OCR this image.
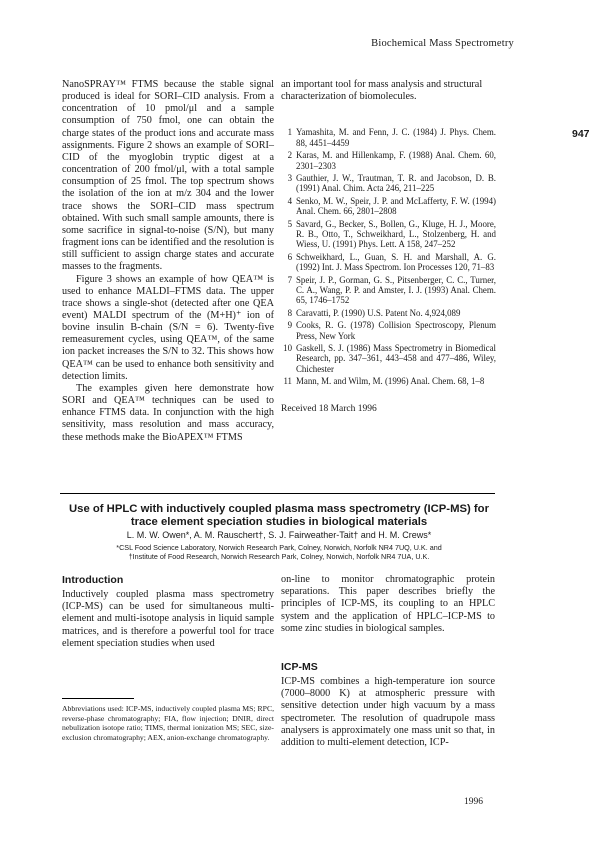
Biochemical Mass Spectrometry
947

NanoSPRAY™ FTMS because the stable signal produced is ideal for SORI–CID analysis. From a concentration of 10 pmol/μl and a sample consumption of 750 fmol, one can obtain the charge states of the product ions and accurate mass assignments. Figure 2 shows an example of SORI–CID of the myoglobin tryptic digest at a concentration of 200 fmol/μl, with a total sample consumption of 25 fmol. The top spectrum shows the isolation of the ion at m/z 304 and the lower trace shows the SORI–CID mass spectrum obtained. With such small sample amounts, there is some sacrifice in signal-to-noise (S/N), but many fragment ions can be identified and the resolution is still sufficient to assign charge states and accurate masses to the fragments.

Figure 3 shows an example of how QEA™ is used to enhance MALDI–FTMS data. The upper trace shows a single-shot (detected after one QEA event) MALDI spectrum of the (M+H)⁺ ion of bovine insulin B-chain (S/N = 6). Twenty-five remeasurement cycles, using QEA™, of the same ion packet increases the S/N to 32. This shows how QEA™ can be used to enhance both sensitivity and detection limits.

The examples given here demonstrate how SORI and QEA™ techniques can be used to enhance FTMS data. In conjunction with the high sensitivity, mass resolution and mass accuracy, these methods make the BioAPEX™ FTMS

an important tool for mass analysis and structural characterization of biomolecules.

1 Yamashita, M. and Fenn, J. C. (1984) J. Phys. Chem. 88, 4451–4459
2 Karas, M. and Hillenkamp, F. (1988) Anal. Chem. 60, 2301–2303
3 Gauthier, J. W., Trautman, T. R. and Jacobson, D. B. (1991) Anal. Chim. Acta 246, 211–225
4 Senko, M. W., Speir, J. P. and McLafferty, F. W. (1994) Anal. Chem. 66, 2801–2808
5 Savard, G., Becker, S., Bollen, G., Kluge, H. J., Moore, R. B., Otto, T., Schweikhard, L., Stolzenberg, H. and Wiess, U. (1991) Phys. Lett. A 158, 247–252
6 Schweikhard, L., Guan, S. H. and Marshall, A. G. (1992) Int. J. Mass Spectrom. Ion Processes 120, 71–83
7 Speir, J. P., Gorman, G. S., Pitsenberger, C. C., Turner, C. A., Wang, P. P. and Amster, I. J. (1993) Anal. Chem. 65, 1746–1752
8 Caravatti, P. (1990) U.S. Patent No. 4,924,089
9 Cooks, R. G. (1978) Collision Spectroscopy, Plenum Press, New York
10 Gaskell, S. J. (1986) Mass Spectrometry in Biomedical Research, pp. 347–361, 443–458 and 477–486, Wiley, Chichester
11 Mann, M. and Wilm, M. (1996) Anal. Chem. 68, 1–8
Received 18 March 1996
Use of HPLC with inductively coupled plasma mass spectrometry (ICP-MS) for trace element speciation studies in biological materials
L. M. W. Owen*, A. M. Rauschert†, S. J. Fairweather-Tait† and H. M. Crews*
*CSL Food Science Laboratory, Norwich Research Park, Colney, Norwich, Norfolk NR4 7UQ, U.K. and
†Institute of Food Research, Norwich Research Park, Colney, Norwich, Norfolk NR4 7UA, U.K.
Introduction

Inductively coupled plasma mass spectrometry (ICP-MS) can be used for simultaneous multi-element and multi-isotope analysis in liquid sample matrices, and is therefore a powerful tool for trace element speciation studies when used

Abbreviations used: ICP-MS, inductively coupled plasma MS; RPC, reverse-phase chromatography; FIA, flow injection; DNIR, direct nebulization isotope ratio; TIMS, thermal ionization MS; SEC, size-exclusion chromatography; AEX, anion-exchange chromatography.

on-line to monitor chromatographic protein separations. This paper describes briefly the principles of ICP-MS, its coupling to an HPLC system and the application of HPLC–ICP-MS to some zinc studies in biological samples.

ICP-MS

ICP-MS combines a high-temperature ion source (7000–8000 K) at atmospheric pressure with sensitive detection under high vacuum by a mass spectrometer. The resolution of quadrupole mass analysers is approximately one mass unit so that, in addition to multi-element detection, ICP-

1996
